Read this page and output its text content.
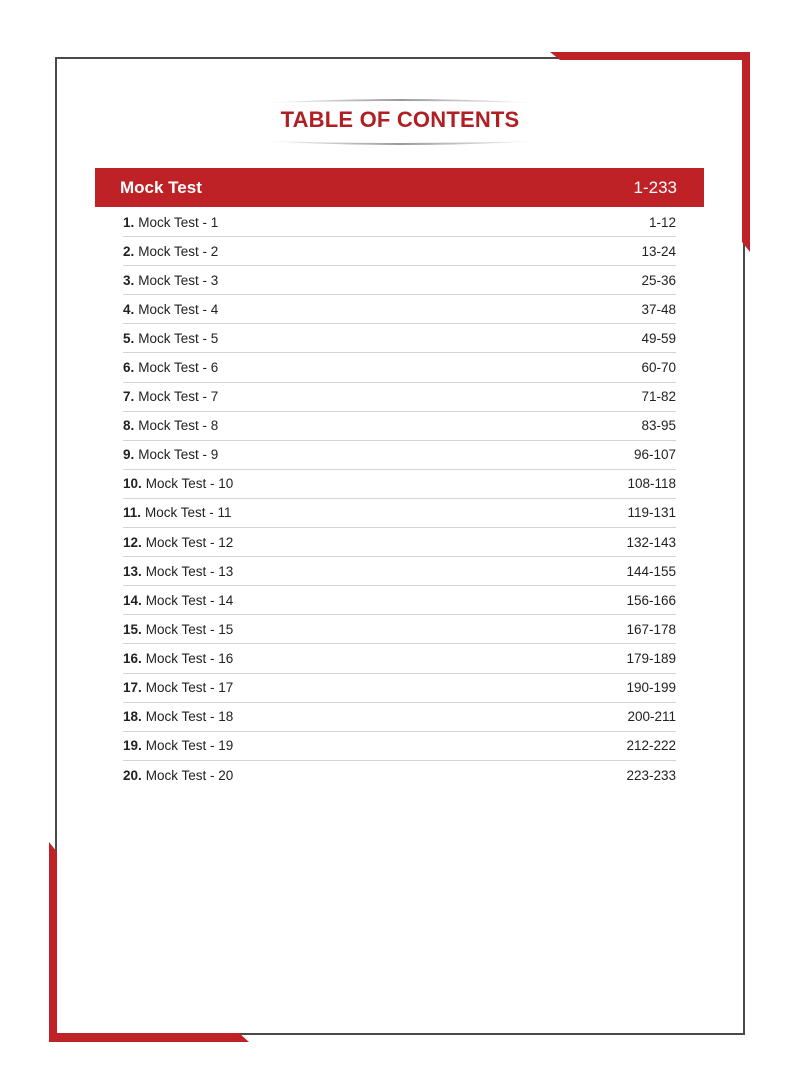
TABLE OF CONTENTS
Mock Test	1-233
1. Mock Test - 1	1-12
2. Mock Test - 2	13-24
3. Mock Test - 3	25-36
4. Mock Test - 4	37-48
5. Mock Test - 5	49-59
6. Mock Test - 6	60-70
7. Mock Test - 7	71-82
8. Mock Test - 8	83-95
9. Mock Test - 9	96-107
10. Mock Test - 10	108-118
11. Mock Test - 11	119-131
12. Mock Test - 12	132-143
13. Mock Test - 13	144-155
14. Mock Test - 14	156-166
15. Mock Test - 15	167-178
16. Mock Test - 16	179-189
17. Mock Test - 17	190-199
18. Mock Test - 18	200-211
19. Mock Test - 19	212-222
20. Mock Test - 20	223-233
